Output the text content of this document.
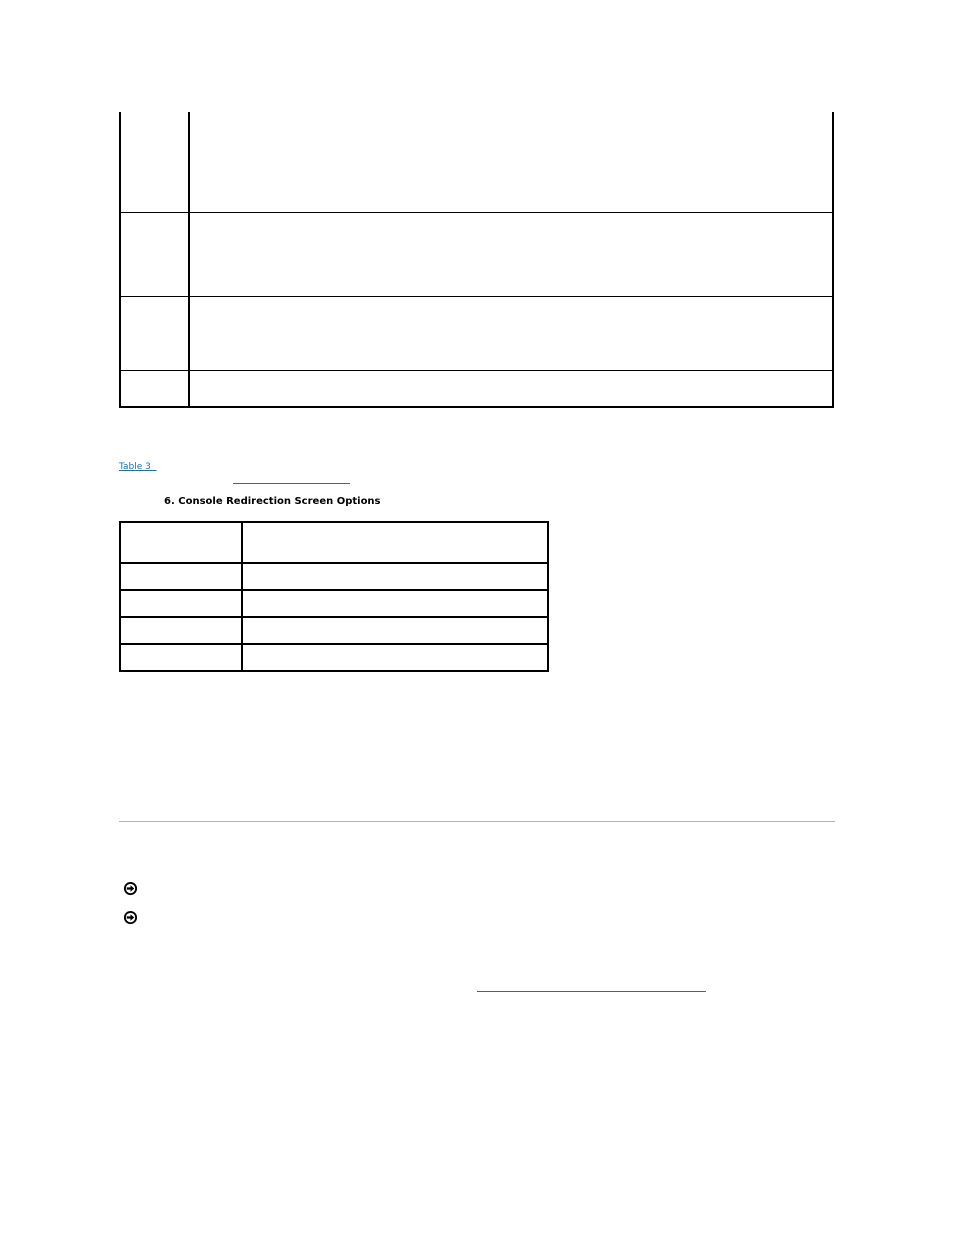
Table 3
6. Console Redirection Screen Options
